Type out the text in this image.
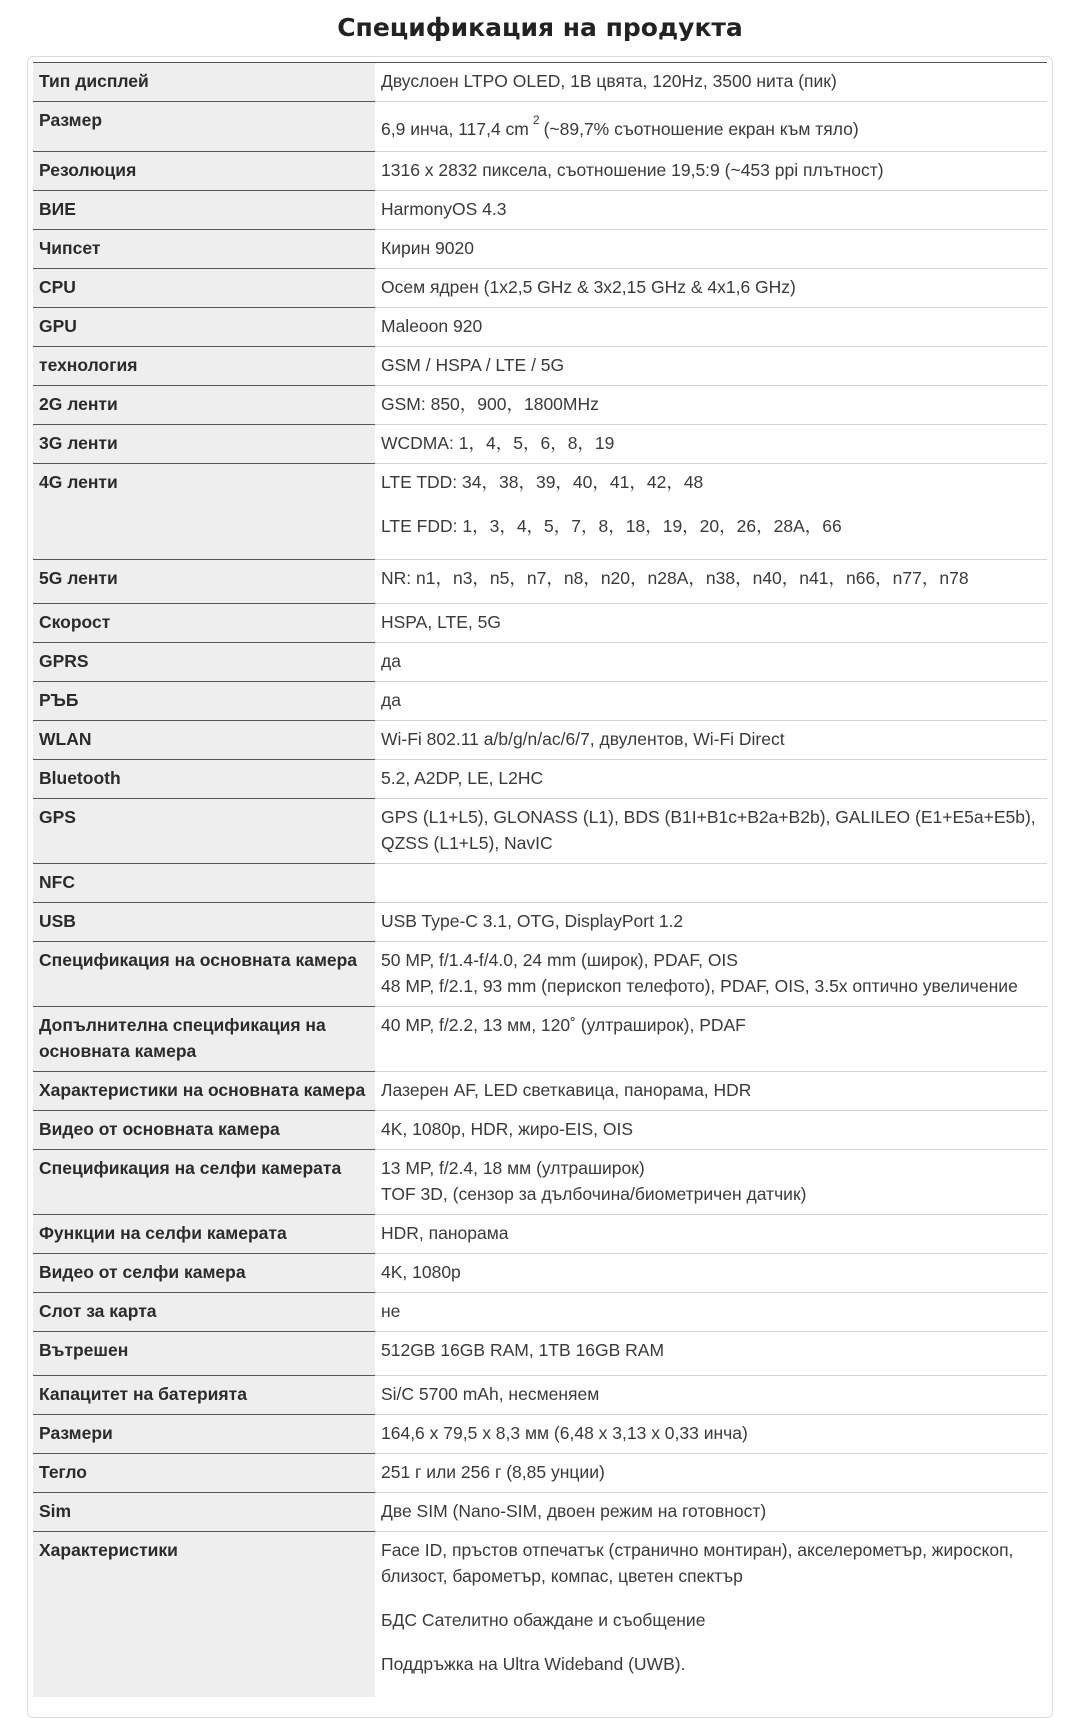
Спецификация на продукта
Тип дисплей	Двуслоен LTPO OLED, 1B цвята, 120Hz, 3500 нита (пик)
Размер	6,9 инча, 117,4 cm $^2$ (~89,7% съотношение екран към тяло)

Резолюция	1316 x 2832 пиксела, съотношение 19,5:9 (~453 ppi плътност)
ВИЕ	HarmonyOS 4.3
Чипсет	Кирин 9020
CPU	Осем ядрен (1x2,5 GHz & 3x2,15 GHz & 4x1,6 GHz)
GPU	Maleoon 920
технология	GSM / HSPA / LTE / 5G
2G ленти	GSM: 850，900，1800MHz
3G ленти	WCDMA: 1，4，5，6，8，19
4G ленти	LTE TDD: 34，38，39，40，41，42，48
LTE FDD: 1，3，4，5，7，8，18，19，20，26，28A，66

5G ленти	NR: n1，n3，n5，n7，n8，n20，n28A，n38，n40，n41，n66，n77，n78
Скорост	HSPA, LTE, 5G
GPRS	да
РЪБ	да
WLAN	Wi-Fi 802.11 a/b/g/n/ac/6/7, двулентов, Wi-Fi Direct
Bluetooth	5.2, A2DP, LE, L2HC
GPS	GPS (L1+L5), GLONASS (L1), BDS (B1I+B1c+B2a+B2b), GALILEO (E1+E5a+E5b), QZSS (L1+L5), NavIC
NFC	
USB	USB Type-C 3.1, OTG, DisplayPort 1.2
Спецификация на основната камера	50 MP, f/1.4-f/4.0, 24 mm (широк), PDAF, OIS
48 MP, f/2.1, 93 mm (перископ телефото), PDAF, OIS, 3.5x оптично увеличение

Допълнителна спецификация на основната камера	40 MP, f/2.2, 13 мм, 120˚ (ултраширок), PDAF
Характеристики на основната камера	Лазерен AF, LED светкавица, панорама, HDR
Видео от основната камера	4K, 1080p, HDR, жиро-EIS, OIS
Спецификация на селфи камерата	13 MP, f/2.4, 18 мм (ултраширок)
TOF 3D, (сензор за дълбочина/биометричен датчик)

Функции на селфи камерата	HDR, панорама
Видео от селфи камера	4K, 1080p
Слот за карта	не
Вътрешен	512GB 16GB RAM, 1TB 16GB RAM
Капацитет на батерията	Si/C 5700 mAh, несменяем
Размери	164,6 x 79,5 x 8,3 мм (6,48 x 3,13 x 0,33 инча)
Тегло	251 г или 256 г (8,85 унции)
Sim	Две SIM (Nano-SIM, двоен режим на готовност)
Характеристики	Face ID, пръстов отпечатък (странично монтиран), акселерометър, жироскоп, близост, барометър, компас, цветен спектър
БДС Сателитно обаждане и съобщение
Поддръжка на Ultra Wideband (UWB).
